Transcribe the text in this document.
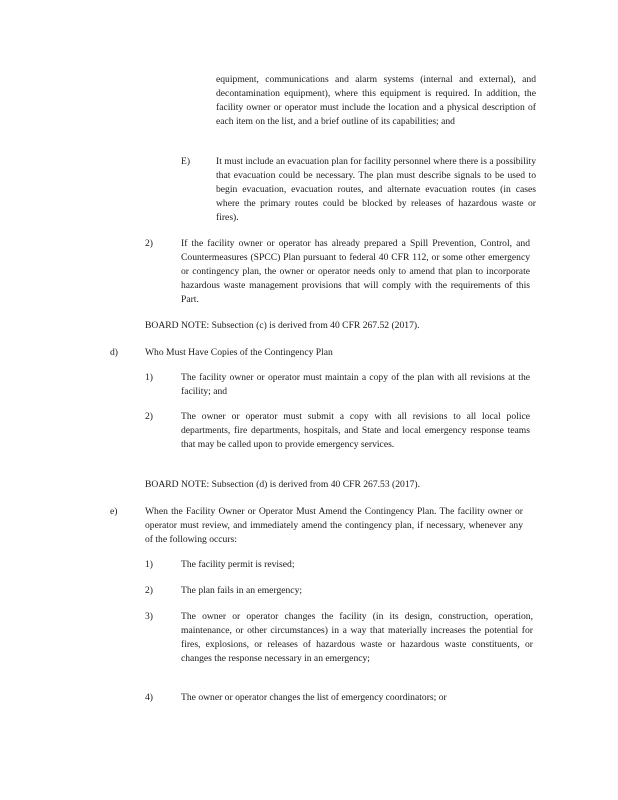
equipment, communications and alarm systems (internal and external), and decontamination equipment), where this equipment is required. In addition, the facility owner or operator must include the location and a physical description of each item on the list, and a brief outline of its capabilities; and
E)	It must include an evacuation plan for facility personnel where there is a possibility that evacuation could be necessary. The plan must describe signals to be used to begin evacuation, evacuation routes, and alternate evacuation routes (in cases where the primary routes could be blocked by releases of hazardous waste or fires).
2)	If the facility owner or operator has already prepared a Spill Prevention, Control, and Countermeasures (SPCC) Plan pursuant to federal 40 CFR 112, or some other emergency or contingency plan, the owner or operator needs only to amend that plan to incorporate hazardous waste management provisions that will comply with the requirements of this Part.
BOARD NOTE: Subsection (c) is derived from 40 CFR 267.52 (2017).
d)	Who Must Have Copies of the Contingency Plan
1)	The facility owner or operator must maintain a copy of the plan with all revisions at the facility; and
2)	The owner or operator must submit a copy with all revisions to all local police departments, fire departments, hospitals, and State and local emergency response teams that may be called upon to provide emergency services.
BOARD NOTE: Subsection (d) is derived from 40 CFR 267.53 (2017).
e)	When the Facility Owner or Operator Must Amend the Contingency Plan. The facility owner or operator must review, and immediately amend the contingency plan, if necessary, whenever any of the following occurs:
1)	The facility permit is revised;
2)	The plan fails in an emergency;
3)	The owner or operator changes the facility (in its design, construction, operation, maintenance, or other circumstances) in a way that materially increases the potential for fires, explosions, or releases of hazardous waste or hazardous waste constituents, or changes the response necessary in an emergency;
4)	The owner or operator changes the list of emergency coordinators; or
